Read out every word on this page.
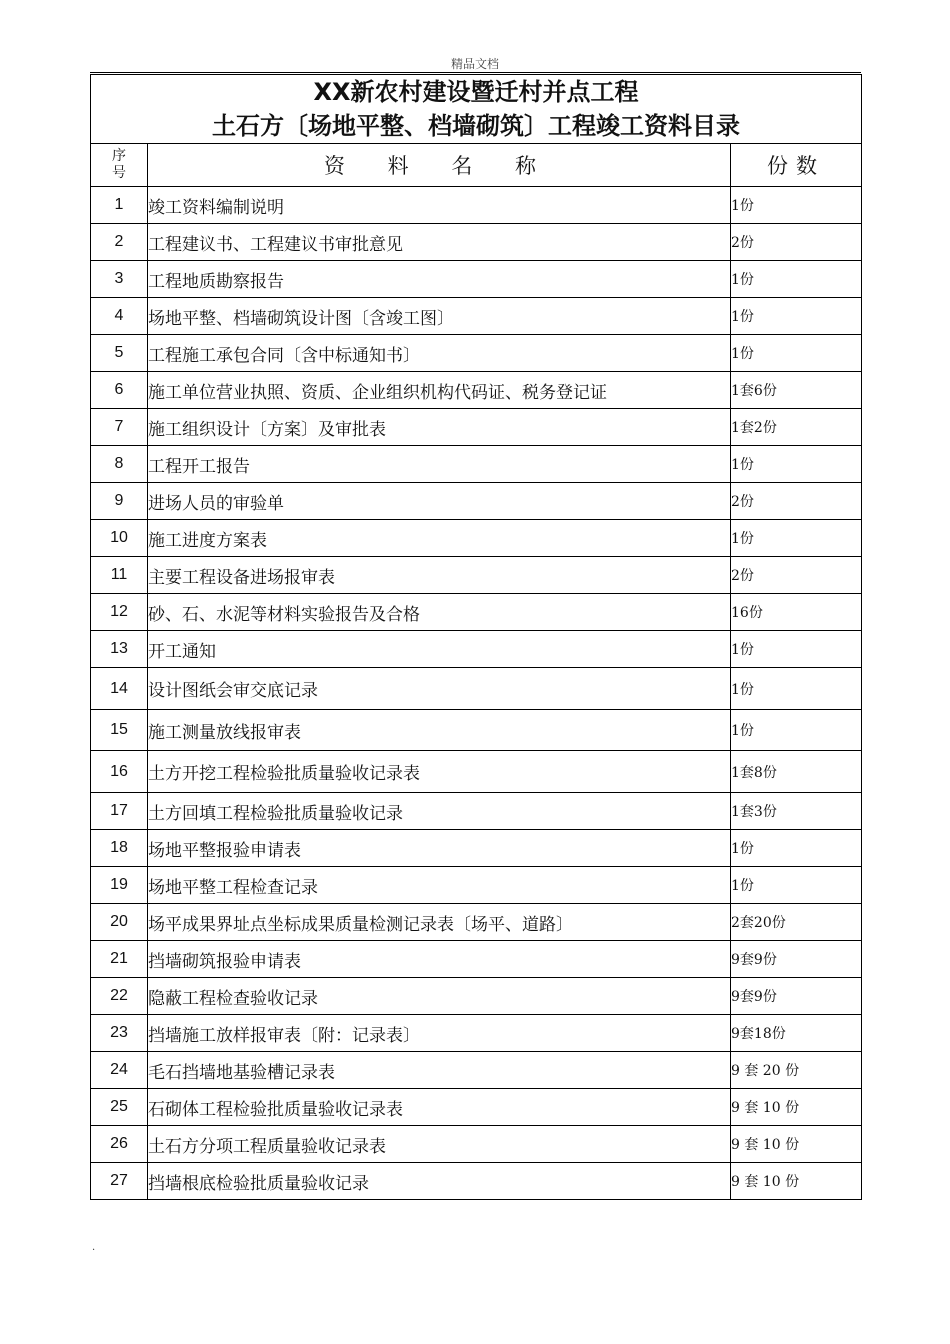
精品文档
XX新农村建设暨迁村并点工程
土石方〔场地平整、档墙砌筑〕工程竣工资料目录		

序号	资 料 名 称	份数
1	竣工资料编制说明	1份
2	工程建议书、工程建议书审批意见	2份
3	工程地质勘察报告	1份
4	场地平整、档墙砌筑设计图〔含竣工图〕	1份
5	工程施工承包合同〔含中标通知书〕	1份
6	施工单位营业执照、资质、企业组织机构代码证、税务登记证	1套6份
7	施工组织设计〔方案〕及审批表	1套2份
8	工程开工报告	1份
9	进场人员的审验单	2份
10	施工进度方案表	1份
11	主要工程设备进场报审表	2份
12	砂、石、水泥等材料实验报告及合格	16份
13	开工通知	1份
14	设计图纸会审交底记录	1份
15	施工测量放线报审表	1份
16	土方开挖工程检验批质量验收记录表	1套8份
17	土方回填工程检验批质量验收记录	1套3份
18	场地平整报验申请表	1份
19	场地平整工程检查记录	1份
20	场平成果界址点坐标成果质量检测记录表〔场平、道路〕	2套20份
21	挡墙砌筑报验申请表	9套9份
22	隐蔽工程检查验收记录	9套9份
23	挡墙施工放样报审表〔附：记录表〕	9套18份
24	毛石挡墙地基验槽记录表	9 套 20 份
25	石砌体工程检验批质量验收记录表	9 套 10 份
26	土石方分项工程质量验收记录表	9 套 10 份
27	挡墙根底检验批质量验收记录	9 套 10 份
.
